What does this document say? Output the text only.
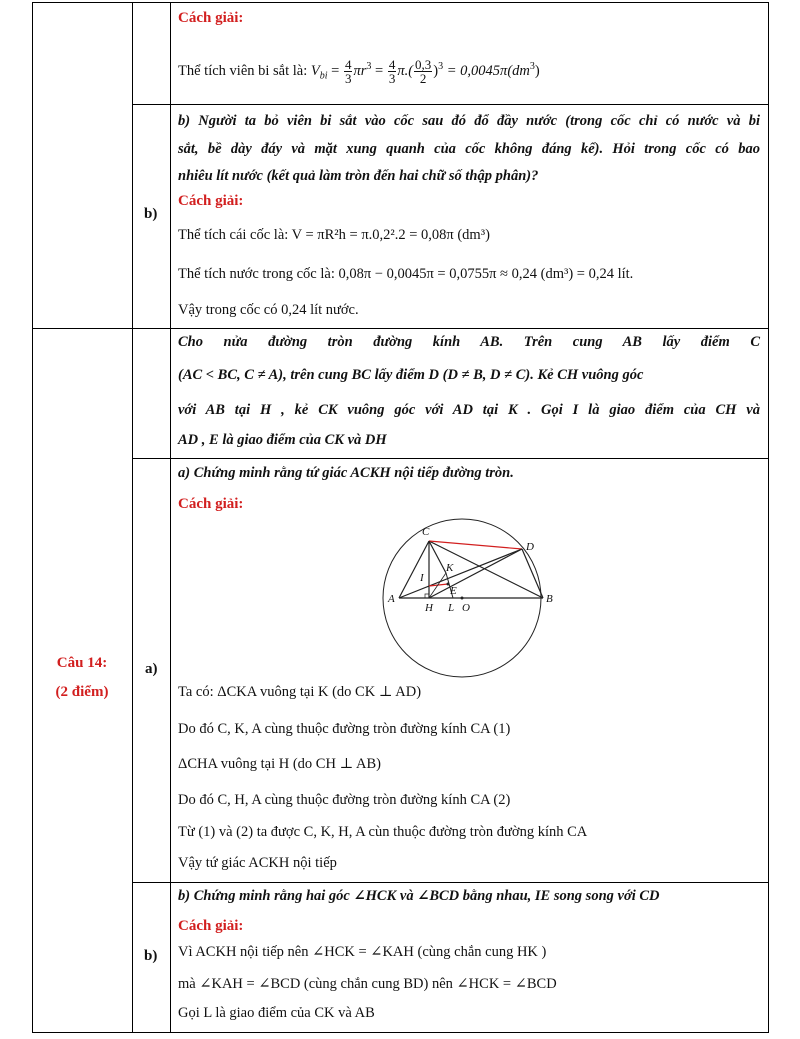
Cách giải:
Thể tích viên bi sắt là: $V_{bi} = \frac{4}{3} \pi r^3 = \frac{4}{3} \pi.( \frac{0,3}{2} )^3 = 0,0045\pi(dm^3)$
b)
b) Người ta bỏ viên bi sắt vào cốc sau đó đổ đầy nước (trong cốc chỉ có nước và bi
sắt, bề dày đáy và mặt xung quanh của cốc không đáng kể). Hỏi trong cốc có bao
nhiêu lít nước (kết quả làm tròn đến hai chữ số thập phân)?
Cách giải:
Thể tích cái cốc là: V = πR²h = π.0,2².2 = 0,08π (dm³)
Thể tích nước trong cốc là: 0,08π − 0,0045π = 0,0755π ≈ 0,24 (dm³) = 0,24 lít.
Vậy trong cốc có 0,24 lít nước.
Câu 14:
(2 điểm)
Cho nửa đường tròn đường kính AB. Trên cung AB lấy điểm C
(AC < BC, C ≠ A), trên cung BC lấy điểm D (D ≠ B, D ≠ C). Kẻ CH vuông góc
với AB tại H , kẻ CK vuông góc với AD tại K . Gọi I là giao điểm của CH và
AD , E là giao điểm của CK và DH
a)
a) Chứng minh rằng tứ giác ACKH nội tiếp đường tròn.
Cách giải:
Ta có: ΔCKA vuông tại K (do CK ⊥ AD)
Do đó C, K, A cùng thuộc đường tròn đường kính CA (1)
ΔCHA vuông tại H (do CH ⊥ AB)
Do đó C, H, A cùng thuộc đường tròn đường kính CA (2)
Từ (1) và (2) ta được C, K, H, A cùn thuộc đường tròn đường kính CA
Vậy tứ giác ACKH nội tiếp
C
D
K
I
E
A
H L O
B
b)
b) Chứng minh rằng hai góc ∠HCK và ∠BCD bằng nhau, IE song song với CD
Cách giải:
Vì ACKH nội tiếp nên ∠HCK = ∠KAH (cùng chắn cung HK )
mà ∠KAH = ∠BCD (cùng chắn cung BD) nên ∠HCK = ∠BCD
Gọi L là giao điểm của CK và AB
